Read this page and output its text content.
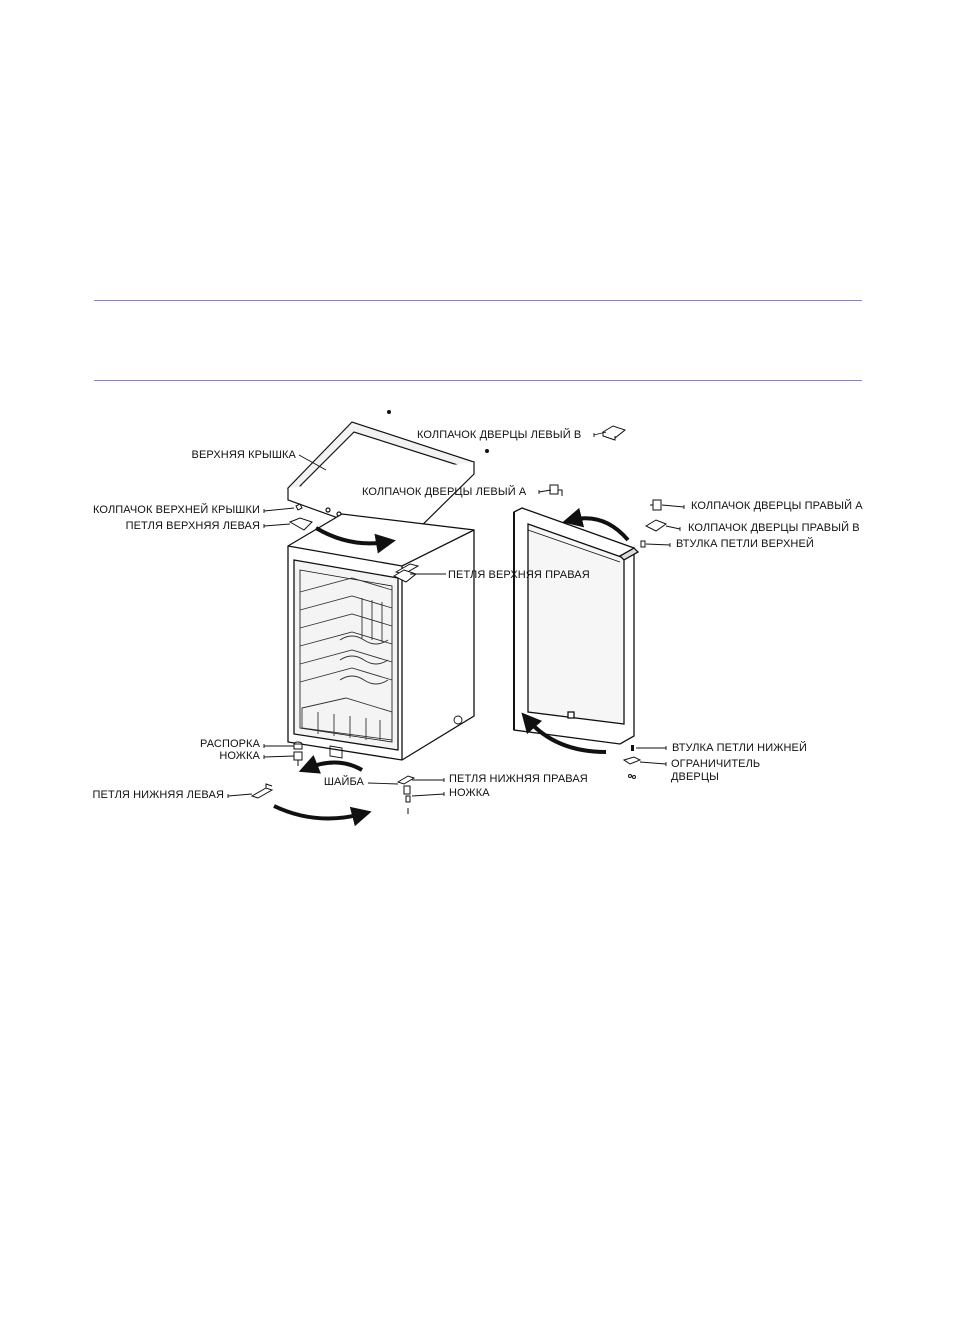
ВЕРХНЯЯ КРЫШКА
КОЛПАЧОК ВЕРХНЕЙ КРЫШКИ
ПЕТЛЯ ВЕРХНЯЯ ЛЕВАЯ
КОЛПАЧОК ДВЕРЦЫ ЛЕВЫЙ В
КОЛПАЧОК ДВЕРЦЫ ЛЕВЫЙ А
ПЕТЛЯ ВЕРХНЯЯ ПРАВАЯ
КОЛПАЧОК ДВЕРЦЫ ПРАВЫЙ А
КОЛПАЧОК ДВЕРЦЫ ПРАВЫЙ В
ВТУЛКА ПЕТЛИ ВЕРХНЕЙ
РАСПОРКА
НОЖКА
ШАЙБА	ПЕТЛЯ НИЖНЯЯ ПРАВАЯ
НОЖКА
ПЕТЛЯ НИЖНЯЯ ЛЕВАЯ
ВТУЛКА ПЕТЛИ НИЖНЕЙ
ОГРАНИЧИТЕЛЬ
ДВЕРЦЫ
